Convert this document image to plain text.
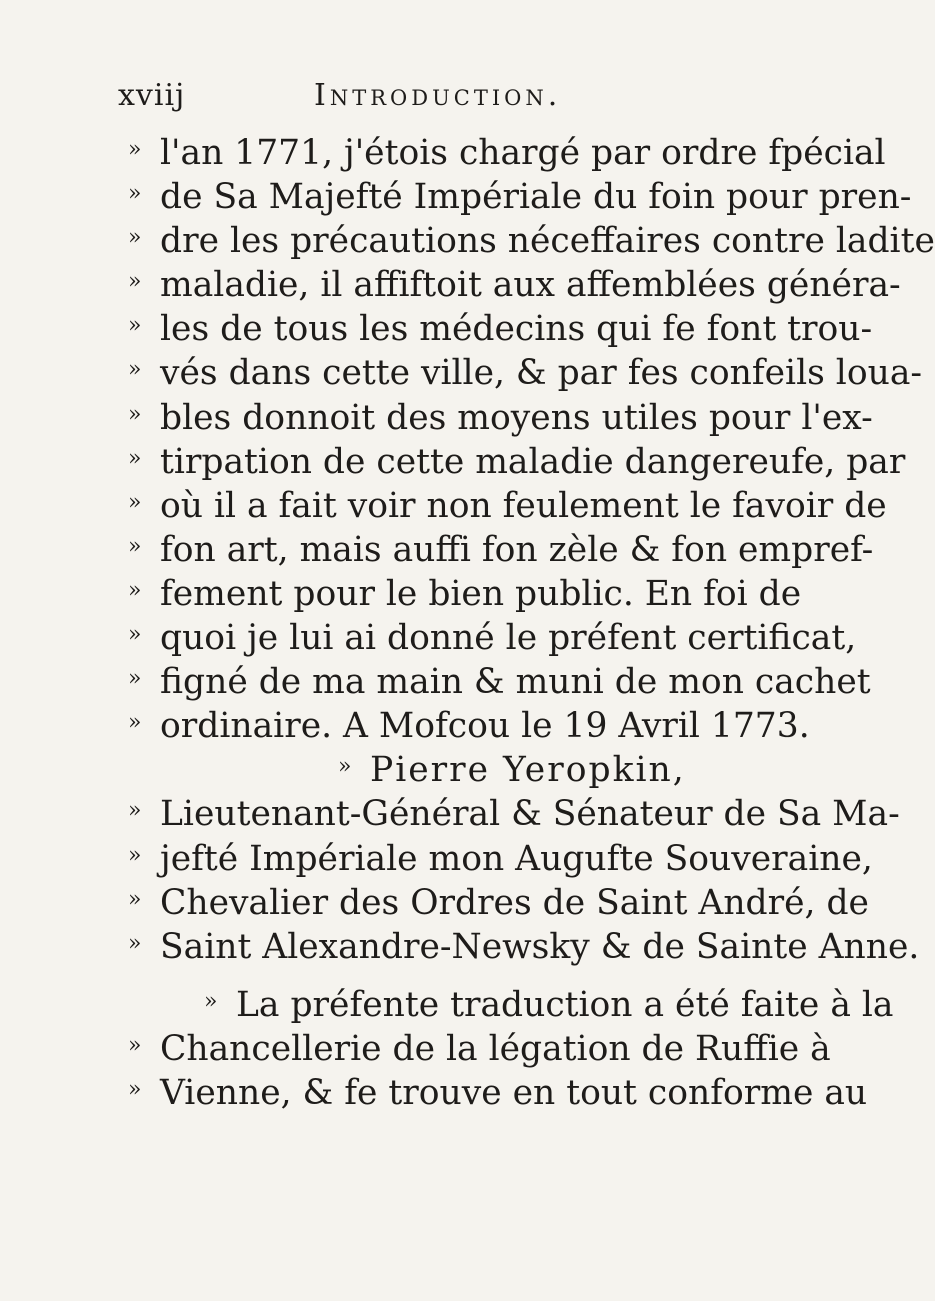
xviij	Introduction.
» l'an 1771, j'étois chargé par ordre fpécial
» de Sa Majefté Impériale du foin pour pren-
» dre les précautions néceffaires contre ladite
» maladie, il affiftoit aux affemblées généra-
» les de tous les médecins qui fe font trou-
» vés dans cette ville, & par fes confeils loua-
» bles donnoit des moyens utiles pour l'ex-
» tirpation de cette maladie dangereufe, par
» où il a fait voir non feulement le favoir de
» fon art, mais auffi fon zèle & fon empref-
» fement pour le bien public. En foi de
» quoi je lui ai donné le préfent certificat,
» figné de ma main & muni de mon cachet
» ordinaire. A Mofcou le 19 Avril 1773.
» Pierre Yeropkin,
» Lieutenant-Général & Sénateur de Sa Ma-
» jefté Impériale mon Augufte Souveraine,
» Chevalier des Ordres de Saint André, de
» Saint Alexandre-Newsky & de Sainte Anne.
» La préfente traduction a été faite à la
» Chancellerie de la légation de Ruffie à
» Vienne, & fe trouve en tout conforme au
